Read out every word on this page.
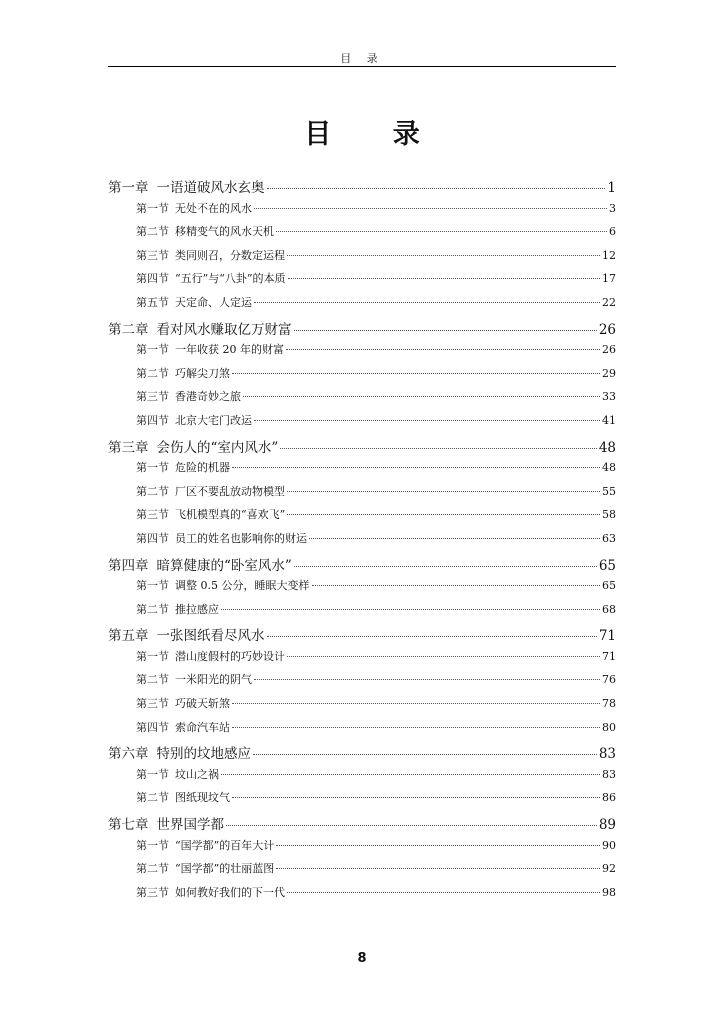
目 录
目 录
第一章 一语道破风水玄奥	1
第一节 无处不在的风水	3
第二节 移精变气的风水天机	6
第三节 类同则召，分数定运程	12
第四节 “五行”与“八卦”的本质	17
第五节 天定命、人定运	22
第二章 看对风水赚取亿万财富	26
第一节 一年收获 20 年的财富	26
第二节 巧解尖刀煞	29
第三节 香港奇妙之旅	33
第四节 北京大宅门改运	41
第三章 会伤人的“室内风水”	48
第一节 危险的机器	48
第二节 厂区不要乱放动物模型	55
第三节 飞机模型真的“喜欢飞”	58
第四节 员工的姓名也影响你的财运	63
第四章 暗算健康的“卧室风水”	65
第一节 调整 0.5 公分，睡眠大变样	65
第二节 推拉感应	68
第五章 一张图纸看尽风水	71
第一节 潜山度假村的巧妙设计	71
第二节 一米阳光的阴气	76
第三节 巧破天斩煞	78
第四节 索命汽车站	80
第六章 特别的坟地感应	83
第一节 坟山之祸	83
第二节 图纸现坟气	86
第七章 世界国学都	89
第一节 “国学都”的百年大计	90
第二节 “国学都”的壮丽蓝图	92
第三节 如何教好我们的下一代	98
8
